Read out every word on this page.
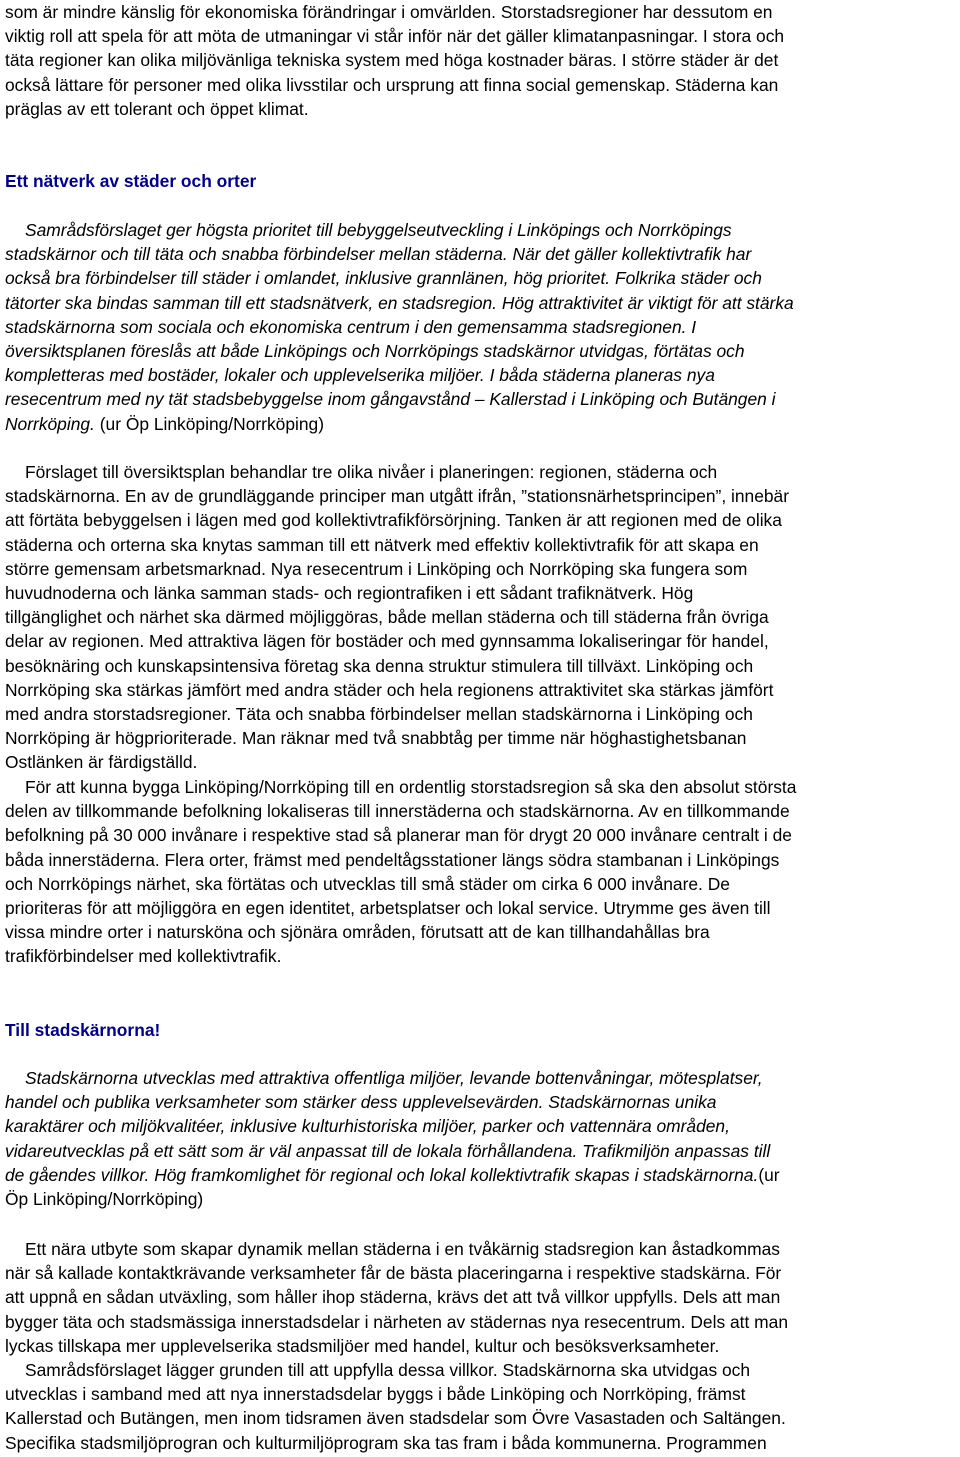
som är mindre känslig för ekonomiska förändringar i omvärlden. Storstadsregioner har dessutom en
viktig roll att spela för att möta de utmaningar vi står inför när det gäller klimatanpasningar. I stora och
täta regioner kan olika miljövänliga tekniska system med höga kostnader bäras. I större städer är det
också lättare för personer med olika livsstilar och ursprung att finna social gemenskap. Städerna kan
präglas av ett tolerant och öppet klimat.

Ett nätverk av städer och orter

Samrådsförslaget ger högsta prioritet till bebyggelseutveckling i Linköpings och Norrköpings
stadskärnor och till täta och snabba förbindelser mellan städerna. När det gäller kollektivtrafik har
också bra förbindelser till städer i omlandet, inklusive grannlänen, hög prioritet. Folkrika städer och
tätorter ska bindas samman till ett stadsnätverk, en stadsregion. Hög attraktivitet är viktigt för att stärka
stadskärnorna som sociala och ekonomiska centrum i den gemensamma stadsregionen. I
översiktsplanen föreslås att både Linköpings och Norrköpings stadskärnor utvidgas, förtätas och
kompletteras med bostäder, lokaler och upplevelserika miljöer. I båda städerna planeras nya
resecentrum med ny tät stadsbebyggelse inom gångavstånd – Kallerstad i Linköping och Butängen i
Norrköping. (ur Öp Linköping/Norrköping)

Förslaget till översiktsplan behandlar tre olika nivåer i planeringen: regionen, städerna och
stadskärnorna. En av de grundläggande principer man utgått ifrån, ”stationsnärhetsprincipen”, innebär
att förtäta bebyggelsen i lägen med god kollektivtrafikförsörjning. Tanken är att regionen med de olika
städerna och orterna ska knytas samman till ett nätverk med effektiv kollektivtrafik för att skapa en
större gemensam arbetsmarknad. Nya resecentrum i Linköping och Norrköping ska fungera som
huvudnoderna och länka samman stads- och regiontrafiken i ett sådant trafiknätverk. Hög
tillgänglighet och närhet ska därmed möjliggöras, både mellan städerna och till städerna från övriga
delar av regionen. Med attraktiva lägen för bostäder och med gynnsamma lokaliseringar för handel,
besöknäring och kunskapsintensiva företag ska denna struktur stimulera till tillväxt. Linköping och
Norrköping ska stärkas jämfört med andra städer och hela regionens attraktivitet ska stärkas jämfört
med andra storstadsregioner. Täta och snabba förbindelser mellan stadskärnorna i Linköping och
Norrköping är högprioriterade. Man räknar med två snabbtåg per timme när höghastighetsbanan
Ostlänken är färdigställd.

För att kunna bygga Linköping/Norrköping till en ordentlig storstadsregion så ska den absolut största
delen av tillkommande befolkning lokaliseras till innerstäderna och stadskärnorna. Av en tillkommande
befolkning på 30 000 invånare i respektive stad så planerar man för drygt 20 000 invånare centralt i de
båda innerstäderna. Flera orter, främst med pendeltågsstationer längs södra stambanan i Linköpings
och Norrköpings närhet, ska förtätas och utvecklas till små städer om cirka 6 000 invånare. De
prioriteras för att möjliggöra en egen identitet, arbetsplatser och lokal service. Utrymme ges även till
vissa mindre orter i natursköna och sjönära områden, förutsatt att de kan tillhandahållas bra
trafikförbindelser med kollektivtrafik.

Till stadskärnorna!

Stadskärnorna utvecklas med attraktiva offentliga miljöer, levande bottenvåningar, mötesplatser,
handel och publika verksamheter som stärker dess upplevelsevärden. Stadskärnornas unika
karaktärer och miljökvalitéer, inklusive kulturhistoriska miljöer, parker och vattennära områden,
vidareutvecklas på ett sätt som är väl anpassat till de lokala förhållandena. Trafikmiljön anpassas till
de gåendes villkor. Hög framkomlighet för regional och lokal kollektivtrafik skapas i stadskärnorna.(ur
Öp Linköping/Norrköping)

Ett nära utbyte som skapar dynamik mellan städerna i en tvåkärnig stadsregion kan åstadkommas
när så kallade kontaktkrävande verksamheter får de bästa placeringarna i respektive stadskärna. För
att uppnå en sådan utväxling, som håller ihop städerna, krävs det att två villkor uppfylls. Dels att man
bygger täta och stadsmässiga innerstadsdelar i närheten av städernas nya resecentrum. Dels att man
lyckas tillskapa mer upplevelserika stadsmiljöer med handel, kultur och besöksverksamheter.

Samrådsförslaget lägger grunden till att uppfylla dessa villkor. Stadskärnorna ska utvidgas och
utvecklas i samband med att nya innerstadsdelar byggs i både Linköping och Norrköping, främst
Kallerstad och Butängen, men inom tidsramen även stadsdelar som Övre Vasastaden och Saltängen.
Specifika stadsmiljöprogran och kulturmiljöprogram ska tas fram i båda kommunerna. Programmen
